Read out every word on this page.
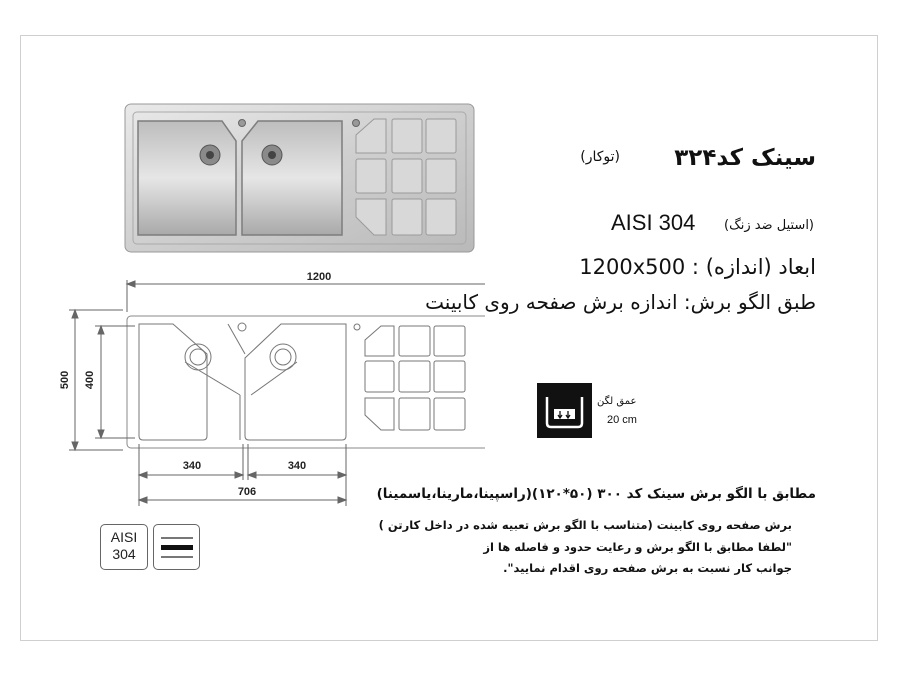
1200
500 400
340	340
706
سینک کد۳۲۴
(توکار)
(استیل ضد زنگ)
AISI 304
1200x500 : ابعاد (اندازه)
طبق الگو برش: اندازه برش صفحه روی کابینت
عمق لگن
20 cm
مطابق با الگو برش سینک کد ۳۰۰ (۵۰*۱۲۰)(راسپینا،مارینا،یاسمینا)
برش صفحه روی کابینت (متناسب با الگو برش تعبیه شده در داخل کارتن )
"لطفا مطابق با الگو برش و رعایت حدود و فاصله ها از
جوانب کار نسبت به برش صفحه روی اقدام نمایید".
AISI
304
